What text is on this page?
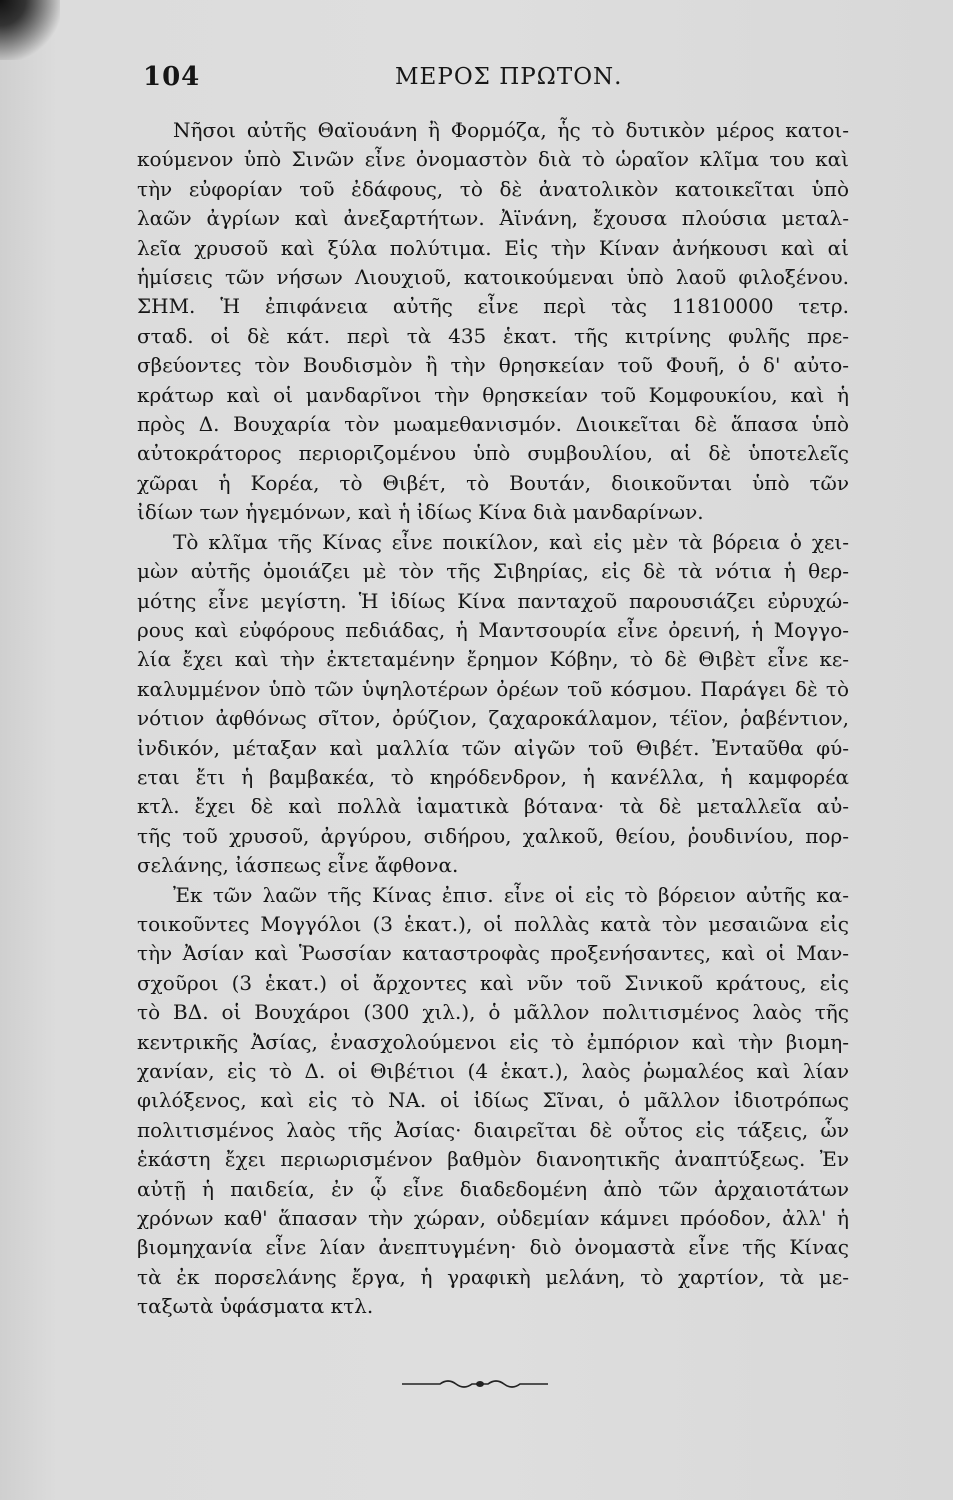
104	ΜΕΡΟΣ ΠΡΩΤΟΝ.
Νῆσοι αὐτῆς Θαϊουάνη ἢ Φορμόζα, ἧς τὸ δυτικὸν μέρος κατοι-
κούμενον ὑπὸ Σινῶν εἶνε ὀνομαστὸν διὰ τὸ ὡραῖον κλῖμα του καὶ
τὴν εὐφορίαν τοῦ ἐδάφους, τὸ δὲ ἀνατολικὸν κατοικεῖται ὑπὸ
λαῶν ἀγρίων καὶ ἀνεξαρτήτων. Ἀϊνάνη, ἔχουσα πλούσια μεταλ-
λεῖα χρυσοῦ καὶ ξύλα πολύτιμα. Εἰς τὴν Κίναν ἀνήκουσι καὶ αἱ
ἡμίσεις τῶν νήσων Λιουχιοῦ, κατοικούμεναι ὑπὸ λαοῦ φιλοξένου.
ΣΗΜ. Ἡ ἐπιφάνεια αὐτῆς εἶνε περὶ τὰς 11810000 τετρ.
σταδ. οἱ δὲ κάτ. περὶ τὰ 435 ἑκατ. τῆς κιτρίνης φυλῆς πρε-
σβεύοντες τὸν Βουδισμὸν ἢ τὴν θρησκείαν τοῦ Φουῆ, ὁ δ' αὐτο-
κράτωρ καὶ οἱ μανδαρῖνοι τὴν θρησκείαν τοῦ Κομφουκίου, καὶ ἡ
πρὸς Δ. Βουχαρία τὸν μωαμεθανισμόν. Διοικεῖται δὲ ἅπασα ὑπὸ
αὐτοκράτορος περιοριζομένου ὑπὸ συμβουλίου, αἱ δὲ ὑποτελεῖς
χῶραι ἡ Κορέα, τὸ Θιβέτ, τὸ Βουτάν, διοικοῦνται ὑπὸ τῶν
ἰδίων των ἡγεμόνων, καὶ ἡ ἰδίως Κίνα διὰ μανδαρίνων.
Τὸ κλῖμα τῆς Κίνας εἶνε ποικίλον, καὶ εἰς μὲν τὰ βόρεια ὁ χει-
μὼν αὐτῆς ὁμοιάζει μὲ τὸν τῆς Σιβηρίας, εἰς δὲ τὰ νότια ἡ θερ-
μότης εἶνε μεγίστη. Ἡ ἰδίως Κίνα πανταχοῦ παρουσιάζει εὐρυχώ-
ρους καὶ εὐφόρους πεδιάδας, ἡ Μαντσουρία εἶνε ὀρεινή, ἡ Μογγο-
λία ἔχει καὶ τὴν ἐκτεταμένην ἔρημον Κόβην, τὸ δὲ Θιβὲτ εἶνε κε-
καλυμμένον ὑπὸ τῶν ὑψηλοτέρων ὀρέων τοῦ κόσμου. Παράγει δὲ τὸ
νότιον ἀφθόνως σῖτον, ὀρύζιον, ζαχαροκάλαμον, τέϊον, ῥαβέντιον,
ἰνδικόν, μέταξαν καὶ μαλλία τῶν αἰγῶν τοῦ Θιβέτ. Ἐνταῦθα φύ-
εται ἔτι ἡ βαμβακέα, τὸ κηρόδενδρον, ἡ κανέλλα, ἡ καμφορέα
κτλ. ἔχει δὲ καὶ πολλὰ ἰαματικὰ βότανα· τὰ δὲ μεταλλεῖα αὐ-
τῆς τοῦ χρυσοῦ, ἀργύρου, σιδήρου, χαλκοῦ, θείου, ῥουδινίου, πορ-
σελάνης, ἰάσπεως εἶνε ἄφθονα.
Ἐκ τῶν λαῶν τῆς Κίνας ἐπισ. εἶνε οἱ εἰς τὸ βόρειον αὐτῆς κα-
τοικοῦντες Μογγόλοι (3 ἑκατ.), οἱ πολλὰς κατὰ τὸν μεσαιῶνα εἰς
τὴν Ἀσίαν καὶ Ῥωσσίαν καταστροφὰς προξενήσαντες, καὶ οἱ Μαν-
σχοῦροι (3 ἑκατ.) οἱ ἄρχοντες καὶ νῦν τοῦ Σινικοῦ κράτους, εἰς
τὸ ΒΔ. οἱ Βουχάροι (300 χιλ.), ὁ μᾶλλον πολιτισμένος λαὸς τῆς
κεντρικῆς Ἀσίας, ἐνασχολούμενοι εἰς τὸ ἐμπόριον καὶ τὴν βιομη-
χανίαν, εἰς τὸ Δ. οἱ Θιβέτιοι (4 ἑκατ.), λαὸς ῥωμαλέος καὶ λίαν
φιλόξενος, καὶ εἰς τὸ ΝΑ. οἱ ἰδίως Σῖναι, ὁ μᾶλλον ἰδιοτρόπως
πολιτισμένος λαὸς τῆς Ἀσίας· διαιρεῖται δὲ οὗτος εἰς τάξεις, ὧν
ἑκάστη ἔχει περιωρισμένον βαθμὸν διανοητικῆς ἀναπτύξεως. Ἐν
αὐτῇ ἡ παιδεία, ἐν ᾧ εἶνε διαδεδομένη ἀπὸ τῶν ἀρχαιοτάτων
χρόνων καθ' ἅπασαν τὴν χώραν, οὐδεμίαν κάμνει πρόοδον, ἀλλ' ἡ
βιομηχανία εἶνε λίαν ἀνεπτυγμένη· διὸ ὀνομαστὰ εἶνε τῆς Κίνας
τὰ ἐκ πορσελάνης ἔργα, ἡ γραφικὴ μελάνη, τὸ χαρτίον, τὰ με-
ταξωτὰ ὑφάσματα κτλ.
